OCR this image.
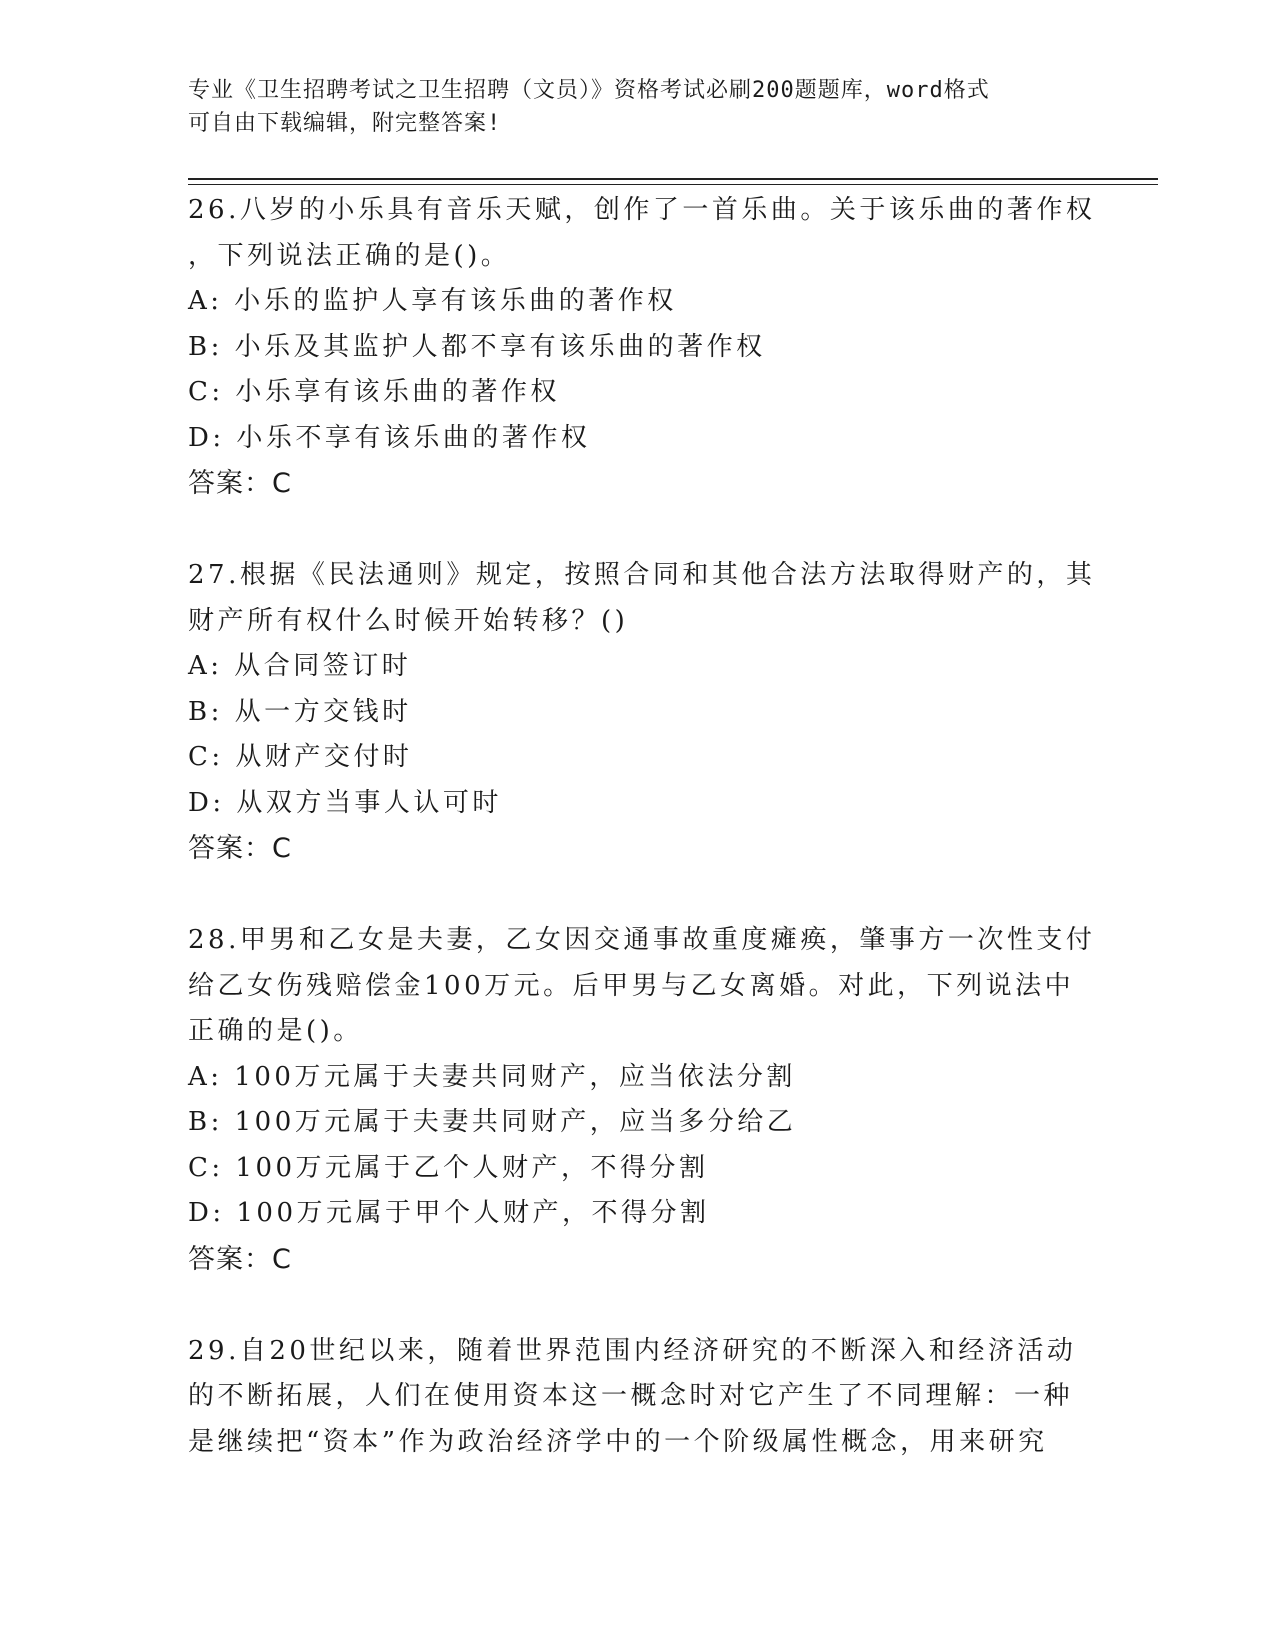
专业《卫生招聘考试之卫生招聘（文员）》资格考试必刷200题题库，word格式
可自由下载编辑，附完整答案!
26.八岁的小乐具有音乐天赋，创作了一首乐曲。关于该乐曲的著作权
，下列说法正确的是()。
A: 小乐的监护人享有该乐曲的著作权
B: 小乐及其监护人都不享有该乐曲的著作权
C: 小乐享有该乐曲的著作权
D: 小乐不享有该乐曲的著作权
答案：C
27.根据《民法通则》规定，按照合同和其他合法方法取得财产的，其
财产所有权什么时候开始转移？()
A: 从合同签订时
B: 从一方交钱时
C: 从财产交付时
D: 从双方当事人认可时
答案：C
28.甲男和乙女是夫妻，乙女因交通事故重度瘫痪，肇事方一次性支付
给乙女伤残赔偿金100万元。后甲男与乙女离婚。对此，下列说法中
正确的是()。
A: 100万元属于夫妻共同财产，应当依法分割
B: 100万元属于夫妻共同财产，应当多分给乙
C: 100万元属于乙个人财产，不得分割
D: 100万元属于甲个人财产，不得分割
答案：C
29.自20世纪以来，随着世界范围内经济研究的不断深入和经济活动
的不断拓展，人们在使用资本这一概念时对它产生了不同理解：一种
是继续把“资本”作为政治经济学中的一个阶级属性概念，用来研究
